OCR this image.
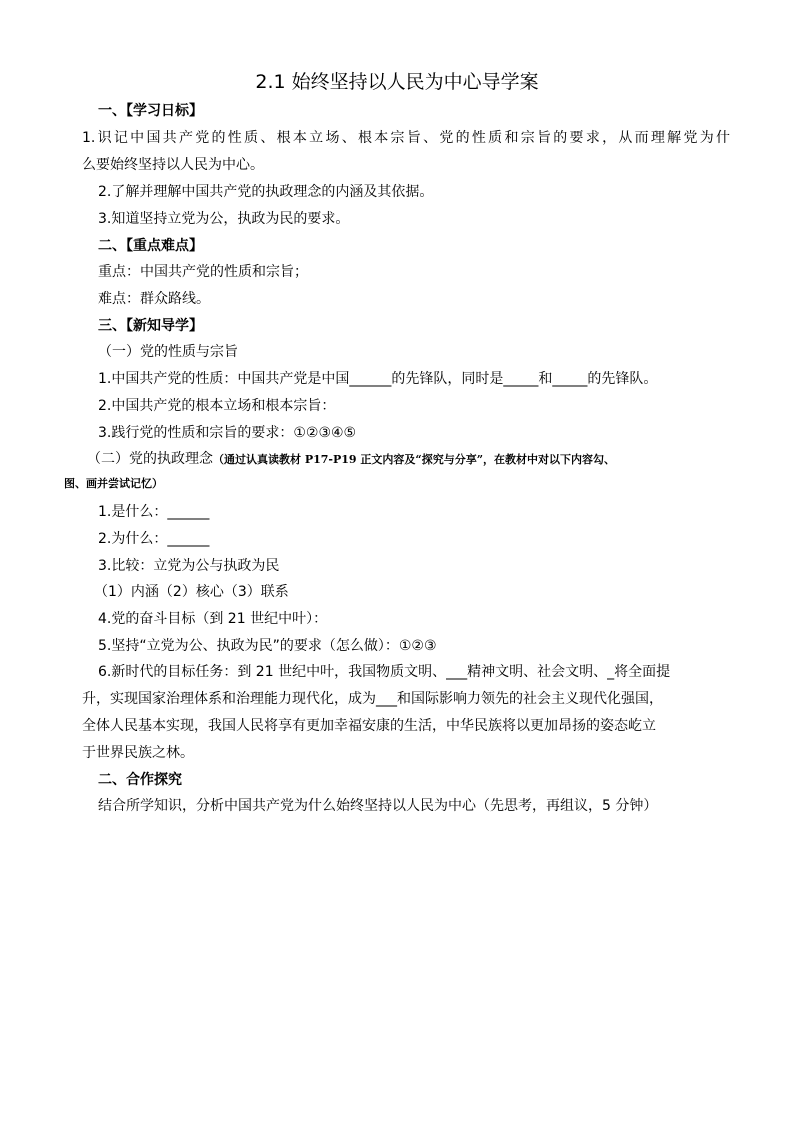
2.1 始终坚持以人民为中心导学案
一、【学习日标】
1.识记中国共产党的性质、根本立场、根本宗旨、党的性质和宗旨的要求，从而理解党为什
么要始终坚持以人民为中心。
2.了解并理解中国共产党的执政理念的内涵及其依据。
3.知道坚持立党为公，执政为民的要求。
二、【重点难点】
重点：中国共产党的性质和宗旨；
难点：群众路线。
三、【新知导学】
（一）党的性质与宗旨
1.中国共产党的性质：中国共产党是中国______的先锋队，同时是_____和_____的先锋队。
2.中国共产党的根本立场和根本宗旨：
3.践行党的性质和宗旨的要求：①②③④⑤
（二）党的执政理念（通过认真读教材 P17-P19 正文内容及“探究与分享”，在教材中对以下内容勾、
图、画并尝试记忆）
1.是什么：______
2.为什么：______
3.比较：立党为公与执政为民
（1）内涵（2）核心（3）联系
4.党的奋斗目标（到 21 世纪中叶）：
5.坚持“立党为公、执政为民”的要求（怎么做）：①②③
6.新时代的目标任务：到 21 世纪中叶，我国物质文明、___精神文明、社会文明、_将全面提
升，实现国家治理体系和治理能力现代化，成为___和国际影响力领先的社会主义现代化强国，
全体人民基本实现，我国人民将享有更加幸福安康的生活，中华民族将以更加昂扬的姿态屹立
于世界民族之林。
二、合作探究
结合所学知识，分析中国共产党为什么始终坚持以人民为中心（先思考，再组议，5 分钟）
